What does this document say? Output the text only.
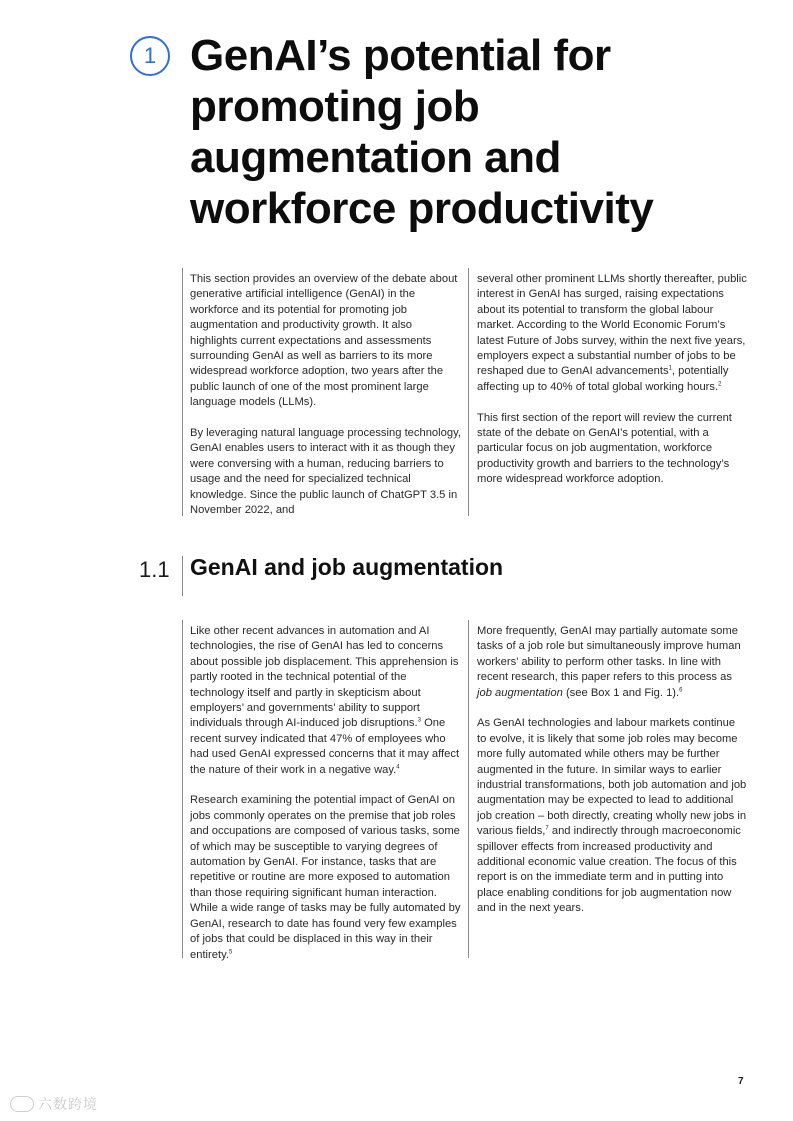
1 GenAI’s potential for promoting job augmentation and workforce productivity

This section provides an overview of the debate about generative artificial intelligence (GenAI) in the workforce and its potential for promoting job augmentation and productivity growth. It also highlights current expectations and assessments surrounding GenAI as well as barriers to its more widespread workforce adoption, two years after the public launch of one of the most prominent large language models (LLMs).

By leveraging natural language processing technology, GenAI enables users to interact with it as though they were conversing with a human, reducing barriers to usage and the need for specialized technical knowledge. Since the public launch of ChatGPT 3.5 in November 2022, and

several other prominent LLMs shortly thereafter, public interest in GenAI has surged, raising expectations about its potential to transform the global labour market. According to the World Economic Forum’s latest Future of Jobs survey, within the next five years, employers expect a substantial number of jobs to be reshaped due to GenAI advancements$^1$, potentially affecting up to 40% of total global working hours.$^2$

This first section of the report will review the current state of the debate on GenAI’s potential, with a particular focus on job augmentation, workforce productivity growth and barriers to the technology’s more widespread workforce adoption.

1.1 GenAI and job augmentation

Like other recent advances in automation and AI technologies, the rise of GenAI has led to concerns about possible job displacement. This apprehension is partly rooted in the technical potential of the technology itself and partly in skepticism about employers’ and governments’ ability to support individuals through AI-induced job disruptions.$^3$ One recent survey indicated that 47% of employees who had used GenAI expressed concerns that it may affect the nature of their work in a negative way.$^4$

Research examining the potential impact of GenAI on jobs commonly operates on the premise that job roles and occupations are composed of various tasks, some of which may be susceptible to varying degrees of automation by GenAI. For instance, tasks that are repetitive or routine are more exposed to automation than those requiring significant human interaction. While a wide range of tasks may be fully automated by GenAI, research to date has found very few examples of jobs that could be displaced in this way in their entirety.$^5$

More frequently, GenAI may partially automate some tasks of a job role but simultaneously improve human workers’ ability to perform other tasks. In line with recent research, this paper refers to this process as job augmentation (see Box 1 and Fig. 1).$^6$

As GenAI technologies and labour markets continue to evolve, it is likely that some job roles may become more fully automated while others may be further augmented in the future. In similar ways to earlier industrial transformations, both job automation and job augmentation may be expected to lead to additional job creation – both directly, creating wholly new jobs in various fields,$^7$ and indirectly through macroeconomic spillover effects from increased productivity and additional economic value creation. The focus of this report is on the immediate term and in putting into place enabling conditions for job augmentation now and in the next years.

7
六数跨境
